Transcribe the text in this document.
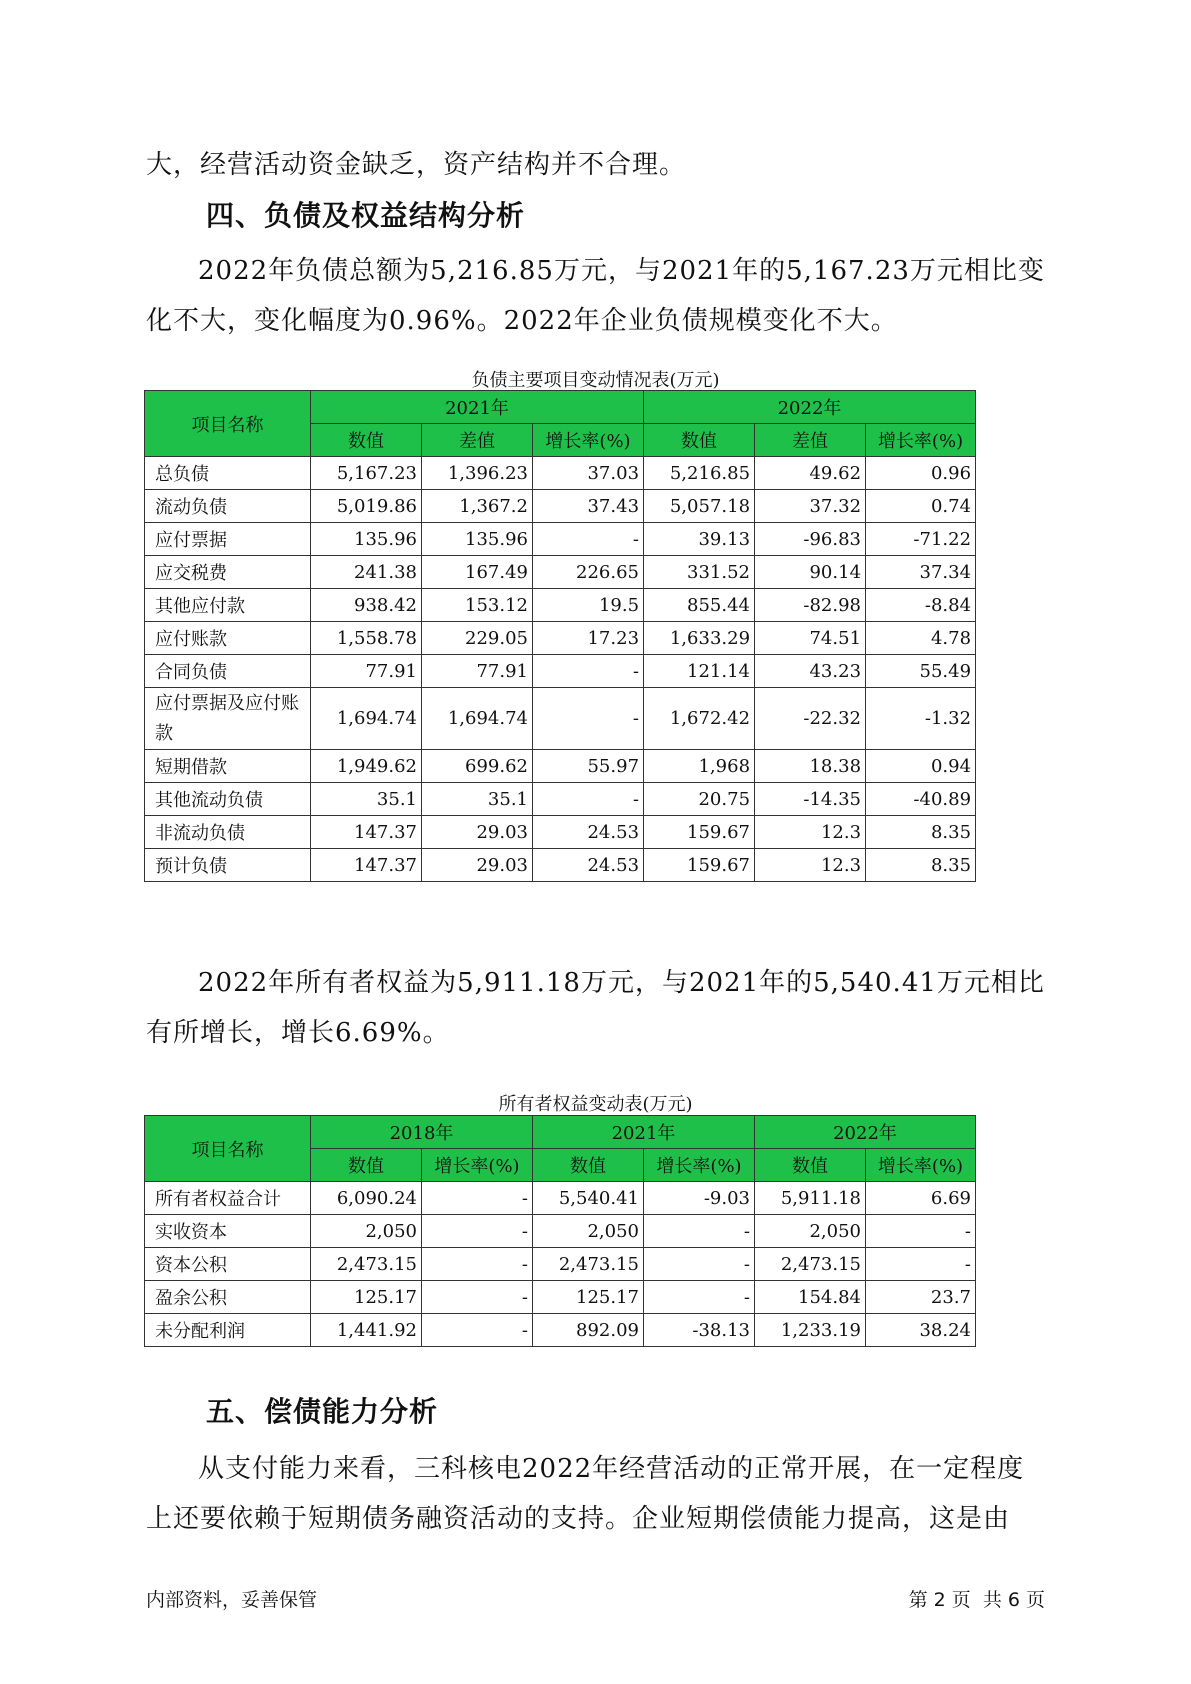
大，经营活动资金缺乏，资产结构并不合理。
四、负债及权益结构分析
2022年负债总额为5,216.85万元，与2021年的5,167.23万元相比变化不大，变化幅度为0.96%。2022年企业负债规模变化不大。
负债主要项目变动情况表(万元)
项目名称	2021年			2022年		
	数值	差值	增长率(%)	数值	差值	增长率(%)
总负债	5,167.23	1,396.23	37.03	5,216.85	49.62	0.96
流动负债	5,019.86	1,367.2	37.43	5,057.18	37.32	0.74
应付票据	135.96	135.96	-	39.13	-96.83	-71.22
应交税费	241.38	167.49	226.65	331.52	90.14	37.34
其他应付款	938.42	153.12	19.5	855.44	-82.98	-8.84
应付账款	1,558.78	229.05	17.23	1,633.29	74.51	4.78
合同负债	77.91	77.91	-	121.14	43.23	55.49
应付票据及应付账款	1,694.74	1,694.74	-	1,672.42	-22.32	-1.32
短期借款	1,949.62	699.62	55.97	1,968	18.38	0.94
其他流动负债	35.1	35.1	-	20.75	-14.35	-40.89
非流动负债	147.37	29.03	24.53	159.67	12.3	8.35
预计负债	147.37	29.03	24.53	159.67	12.3	8.35
2022年所有者权益为5,911.18万元，与2021年的5,540.41万元相比有所增长，增长6.69%。
所有者权益变动表(万元)
项目名称	2018年		2021年		2022年	
	数值	增长率(%)	数值	增长率(%)	数值	增长率(%)
所有者权益合计	6,090.24	-	5,540.41	-9.03	5,911.18	6.69
实收资本	2,050	-	2,050	-	2,050	-
资本公积	2,473.15	-	2,473.15	-	2,473.15	-
盈余公积	125.17	-	125.17	-	154.84	23.7
未分配利润	1,441.92	-	892.09	-38.13	1,233.19	38.24
五、偿债能力分析
从支付能力来看，三科核电2022年经营活动的正常开展，在一定程度上还要依赖于短期债务融资活动的支持。企业短期偿债能力提高，这是由
内部资料，妥善保管	第 2 页  共 6 页
